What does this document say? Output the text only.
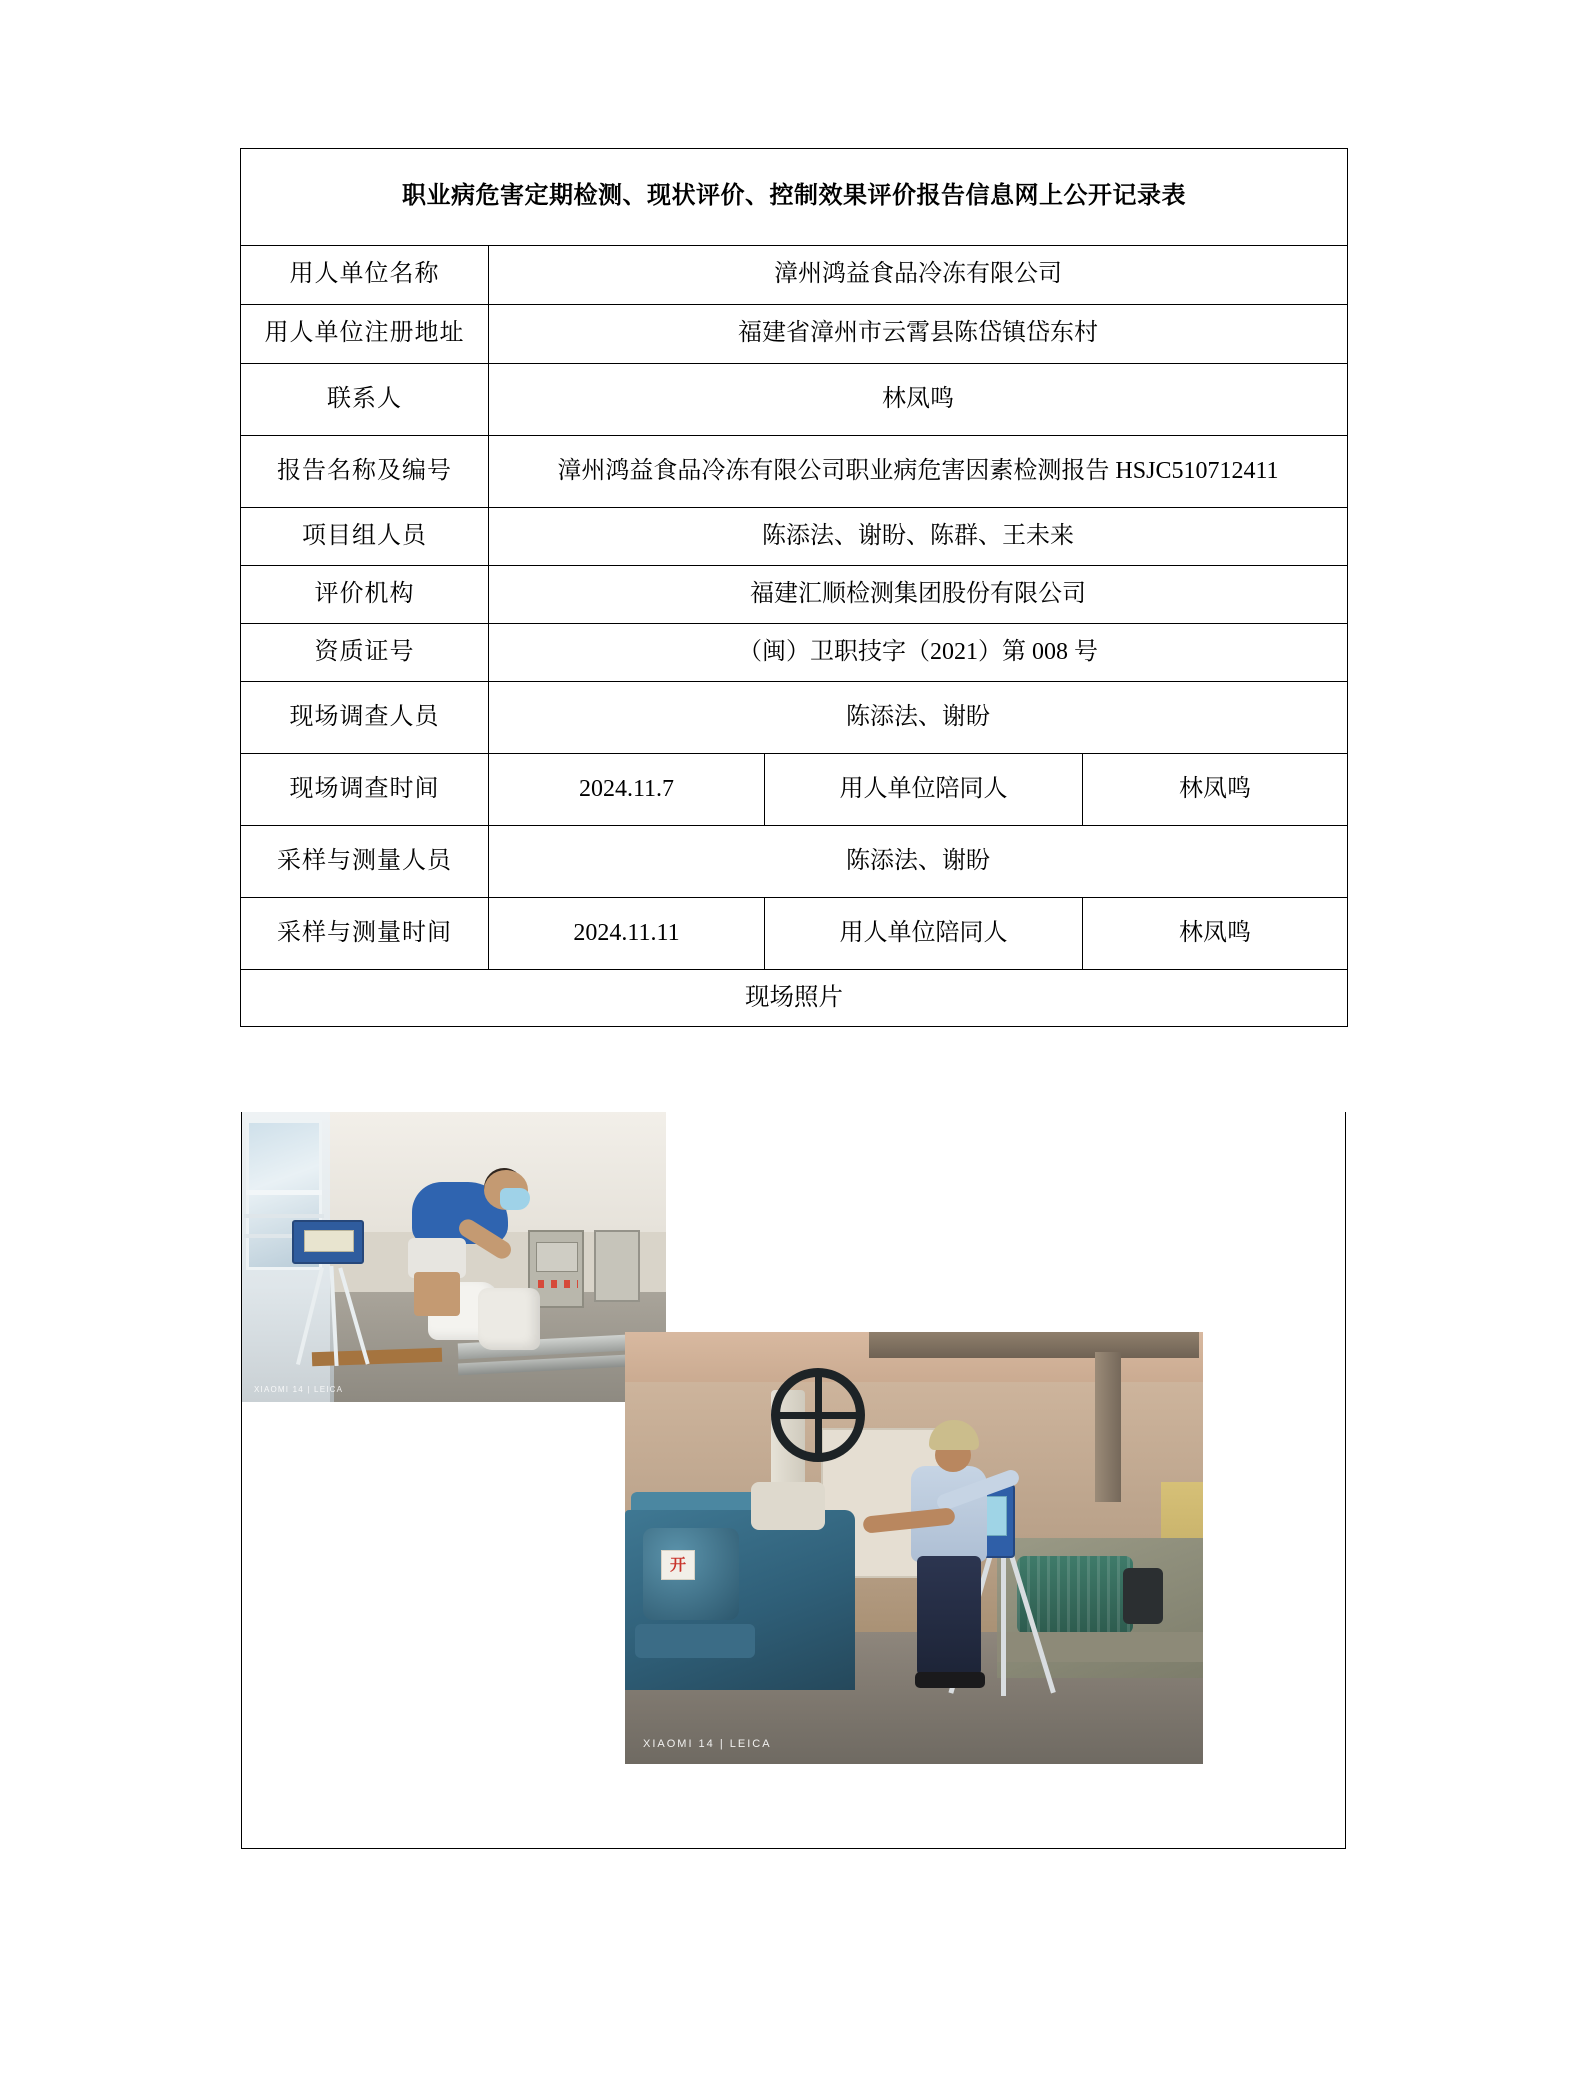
职业病危害定期检测、现状评价、控制效果评价报告信息网上公开记录表			
用人单位名称	漳州鸿益食品冷冻有限公司		
用人单位注册地址	福建省漳州市云霄县陈岱镇岱东村		
联系人	林凤鸣		
报告名称及编号	漳州鸿益食品冷冻有限公司职业病危害因素检测报告 HSJC510712411		
项目组人员	陈添法、谢盼、陈群、王未来		
评价机构	福建汇顺检测集团股份有限公司		
资质证号	（闽）卫职技字（2021）第 008 号		
现场调查人员	陈添法、谢盼		
现场调查时间	2024.11.7	用人单位陪同人	林凤鸣
采样与测量人员	陈添法、谢盼		
采样与测量时间	2024.11.11	用人单位陪同人	林凤鸣
现场照片			
XIAOMI 14 | LEICA
开
XIAOMI 14 | LEICA
